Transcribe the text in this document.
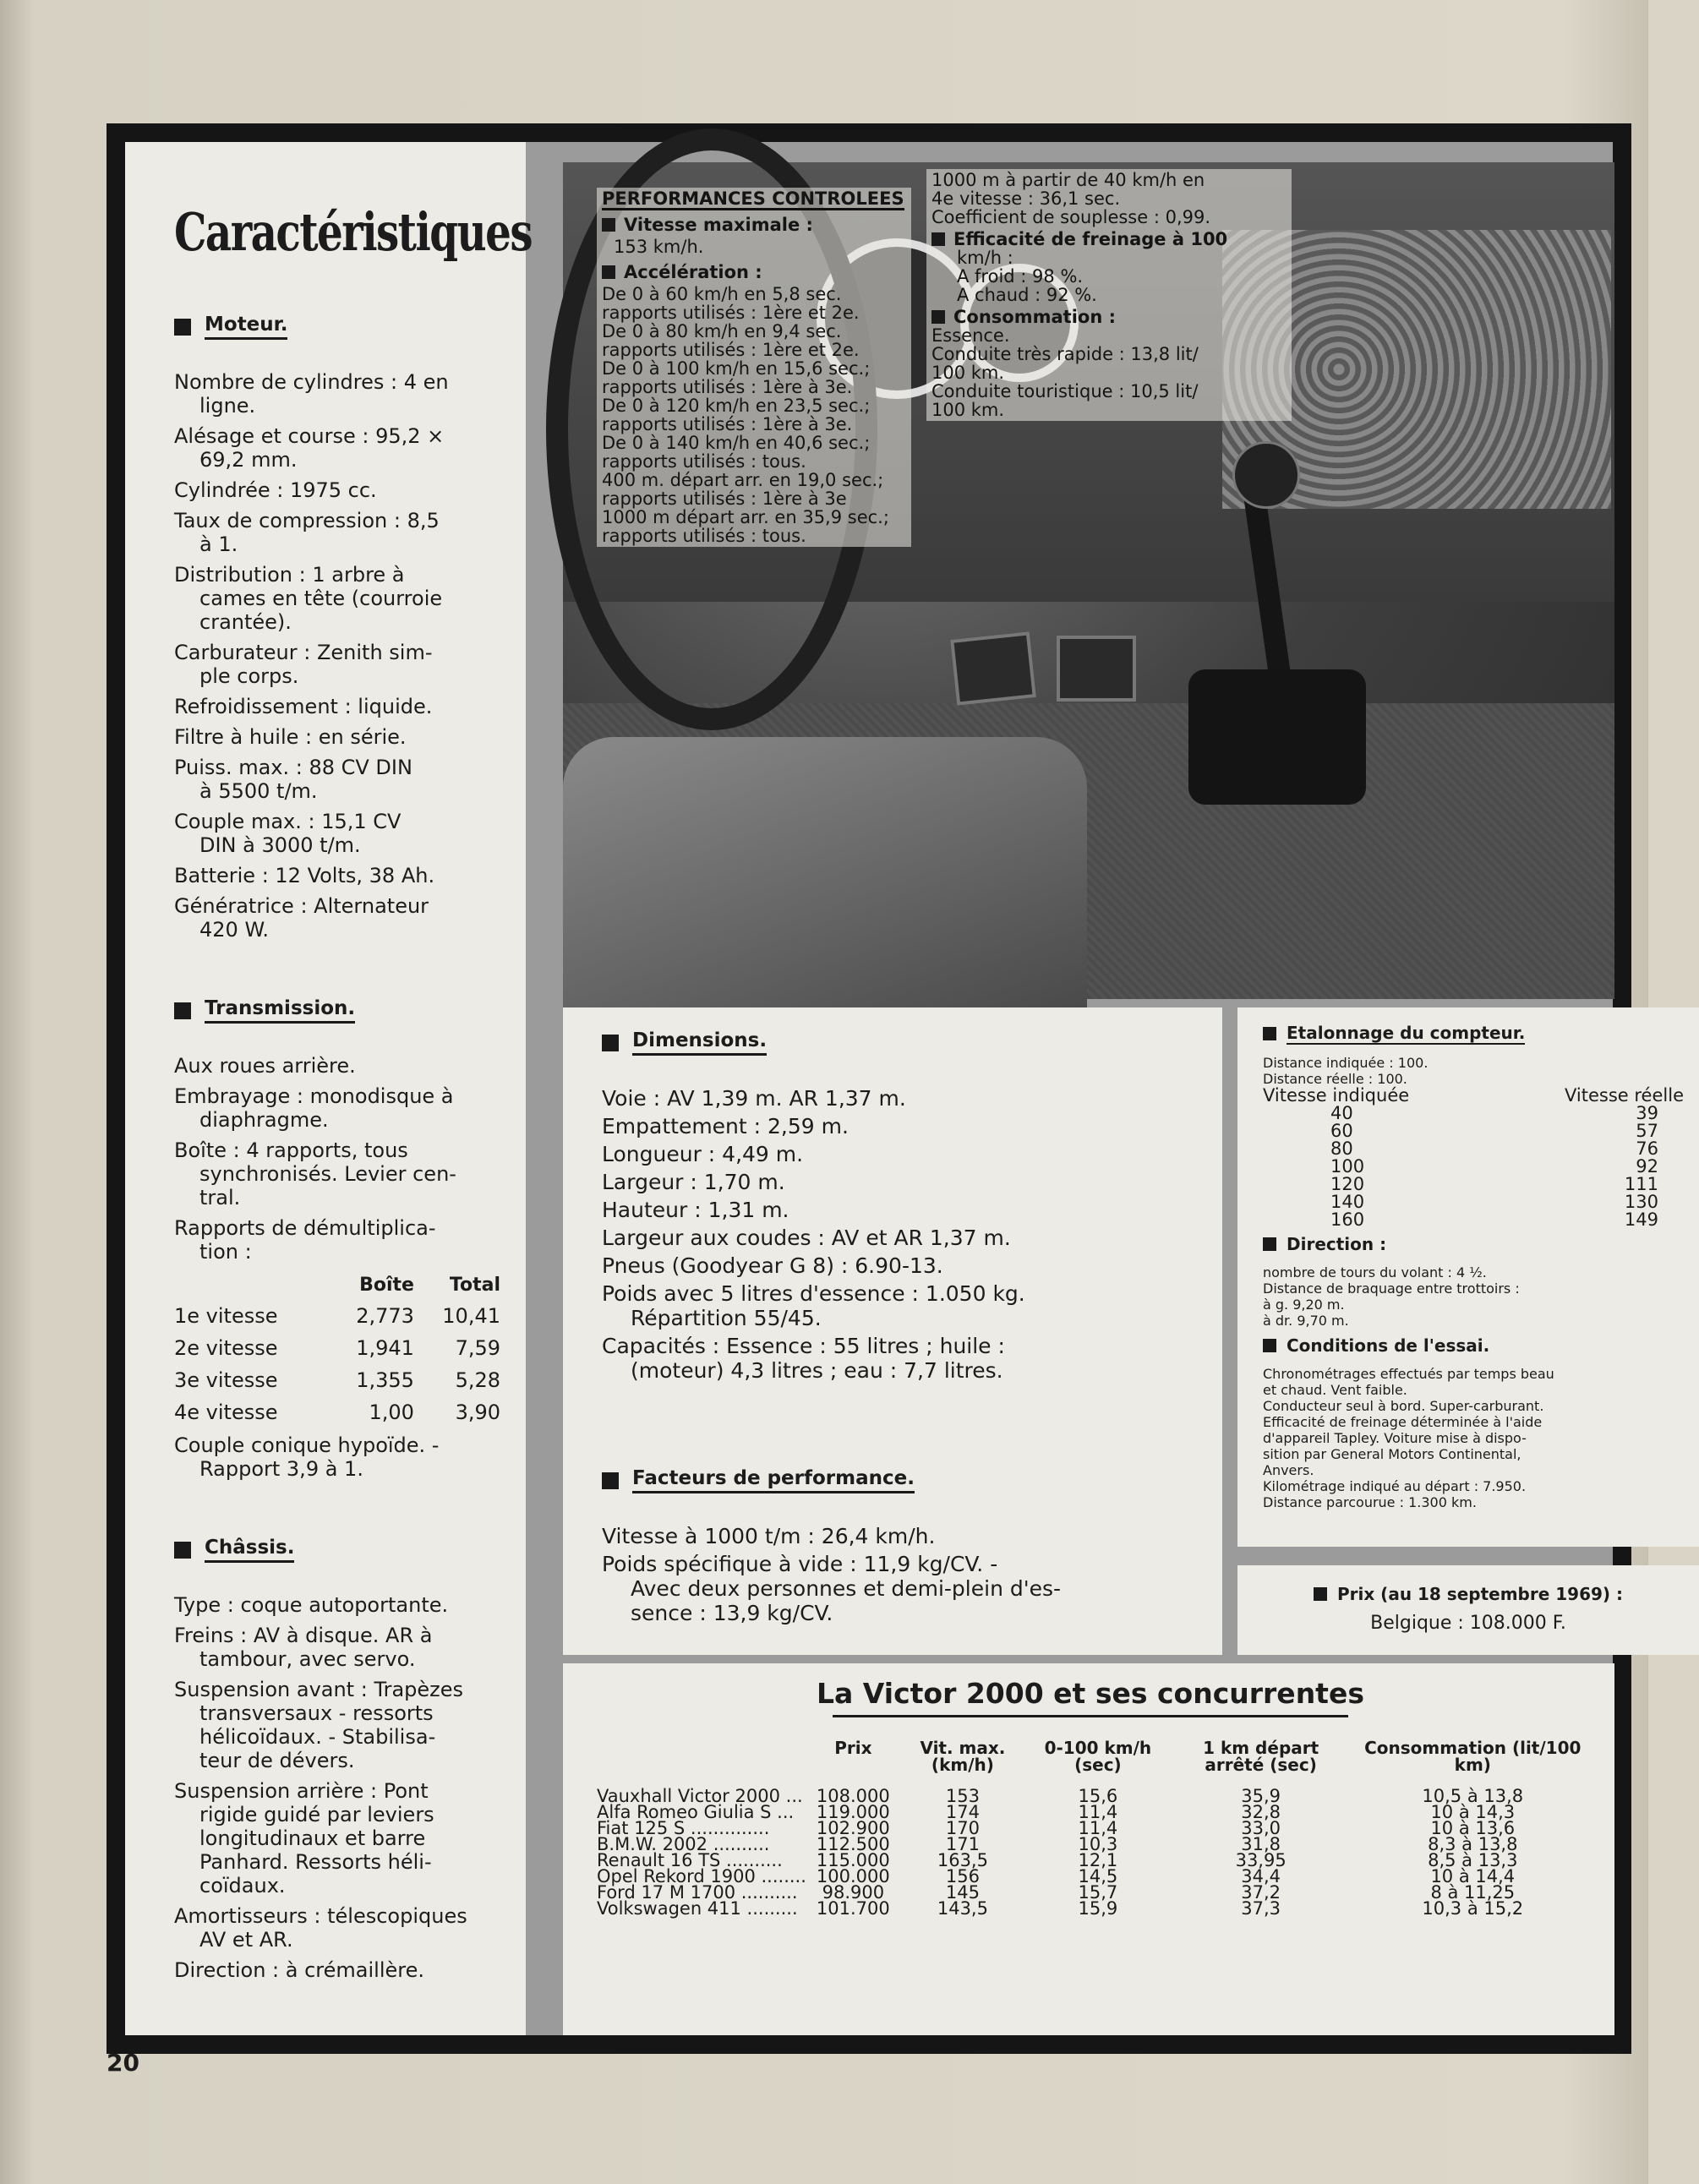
Caractéristiques
Moteur.

Nombre de cylindres : 4 en
ligne.

Alésage et course : 95,2 ×
69,2 mm.

Cylindrée : 1975 cc.

Taux de compression : 8,5
à 1.

Distribution : 1 arbre à
cames en tête (courroie
crantée).

Carburateur : Zenith sim-
ple corps.

Refroidissement : liquide.

Filtre à huile : en série.

Puiss. max. : 88 CV DIN
à 5500 t/m.

Couple max. : 15,1 CV
DIN à 3000 t/m.

Batterie : 12 Volts, 38 Ah.

Génératrice : Alternateur
420 W.

Transmission.

Aux roues arrière.

Embrayage : monodisque à
diaphragme.

Boîte : 4 rapports, tous
synchronisés. Levier cen-
tral.

Rapports de démultiplica-
tion :

	Boîte	Total
1e vitesse	2,773	10,41
2e vitesse	1,941	7,59
3e vitesse	1,355	5,28
4e vitesse	1,00	3,90

Couple conique hypoïde. -
Rapport 3,9 à 1.

Châssis.

Type : coque autoportante.

Freins : AV à disque. AR à
tambour, avec servo.

Suspension avant : Trapèzes
transversaux - ressorts
hélicoïdaux. - Stabilisa-
teur de dévers.

Suspension arrière : Pont
rigide guidé par leviers
longitudinaux et barre
Panhard. Ressorts héli-
coïdaux.

Amortisseurs : télescopiques
AV et AR.

Direction : à crémaillère.

PERFORMANCES CONTROLEES
Vitesse maximale :
153 km/h.
Accélération :
De 0 à 60 km/h en 5,8 sec.
rapports utilisés : 1ère et 2e.
De 0 à 80 km/h en 9,4 sec.
rapports utilisés : 1ère et 2e.
De 0 à 100 km/h en 15,6 sec.;
rapports utilisés : 1ère à 3e.
De 0 à 120 km/h en 23,5 sec.;
rapports utilisés : 1ère à 3e.
De 0 à 140 km/h en 40,6 sec.;
rapports utilisés : tous.
400 m. départ arr. en 19,0 sec.;
rapports utilisés : 1ère à 3e
1000 m départ arr. en 35,9 sec.;
rapports utilisés : tous.
1000 m à partir de 40 km/h en
4e vitesse : 36,1 sec.
Coefficient de souplesse : 0,99.
Efficacité de freinage à 100
km/h :
A froid : 98 %.
A chaud : 92 %.
Consommation :
Essence.
Conduite très rapide : 13,8 lit/
100 km.
Conduite touristique : 10,5 lit/
100 km.
Dimensions.

Voie : AV 1,39 m. AR 1,37 m.

Empattement : 2,59 m.

Longueur : 4,49 m.

Largeur : 1,70 m.

Hauteur : 1,31 m.

Largeur aux coudes : AV et AR 1,37 m.

Pneus (Goodyear G 8) : 6.90-13.

Poids avec 5 litres d'essence : 1.050 kg.
Répartition 55/45.

Capacités : Essence : 55 litres ; huile :
(moteur) 4,3 litres ; eau : 7,7 litres.

Facteurs de performance.

Vitesse à 1000 t/m : 26,4 km/h.

Poids spécifique à vide : 11,9 kg/CV. -
Avec deux personnes et demi-plein d'es-
sence : 13,9 kg/CV.

Etalonnage du compteur.
Distance indiquée : 100.
Distance réelle : 100.
Vitesse indiquée	Vitesse réelle
40	39
60	57
80	76
100	92
120	111
140	130
160	149
Direction :
nombre de tours du volant : 4 ½.
Distance de braquage entre trottoirs :
à g. 9,20 m.
à dr. 9,70 m.
Conditions de l'essai.
Chronométrages effectués par temps beau
et chaud. Vent faible.
Conducteur seul à bord. Super-carburant.
Efficacité de freinage déterminée à l'aide
d'appareil Tapley. Voiture mise à dispo-
sition par General Motors Continental,
Anvers.
Kilométrage indiqué au départ : 7.950.
Distance parcourue : 1.300 km.
Prix (au 18 septembre 1969) :
Belgique : 108.000 F.
La Victor 2000 et ses concurrentes
	Prix	Vit. max. (km/h)	0-100 km/h (sec)	1 km départ arrêté (sec)	Consommation (lit/100 km)
Vauxhall Victor 2000 ...	108.000	153	15,6	35,9	10,5 à 13,8
Alfa Romeo Giulia S ...	119.000	174	11,4	32,8	10 à 14,3
Fiat 125 S ..............	102.900	170	11,4	33,0	10 à 13,6
B.M.W. 2002 ..........	112.500	171	10,3	31,8	8,3 à 13,8
Renault 16 TS ..........	115.000	163,5	12,1	33,95	8,5 à 13,3
Opel Rekord 1900 ........	100.000	156	14,5	34,4	10 à 14,4
Ford 17 M 1700 ..........	98.900	145	15,7	37,2	8 à 11,25
Volkswagen 411 .........	101.700	143,5	15,9	37,3	10,3 à 15,2
20
